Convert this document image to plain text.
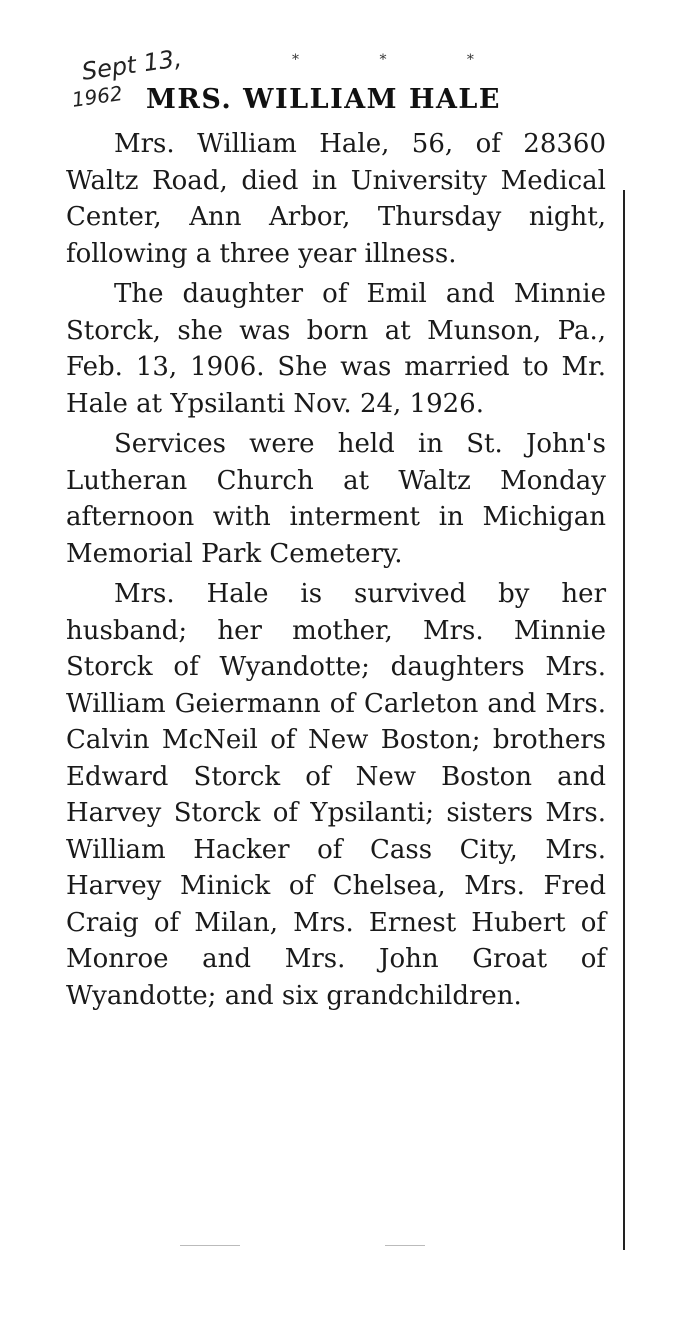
* * *
Sept 13,
1962 MRS. WILLIAM HALE

Mrs. William Hale, 56, of 28360 Waltz Road, died in University Medical Center, Ann Arbor, Thursday night, following a three year illness.

The daughter of Emil and Minnie Storck, she was born at Munson, Pa., Feb. 13, 1906. She was married to Mr. Hale at Ypsilanti Nov. 24, 1926.

Services were held in St. John's Lutheran Church at Waltz Monday afternoon with interment in Michigan Memorial Park Cemetery.

Mrs. Hale is survived by her husband; her mother, Mrs. Minnie Storck of Wyandotte; daughters Mrs. William Geiermann of Carleton and Mrs. Calvin McNeil of New Boston; brothers Edward Storck of New Boston and Harvey Storck of Ypsilanti; sisters Mrs. William Hacker of Cass City, Mrs. Harvey Minick of Chelsea, Mrs. Fred Craig of Milan, Mrs. Ernest Hubert of Monroe and Mrs. John Groat of Wyandotte; and six grandchildren.
